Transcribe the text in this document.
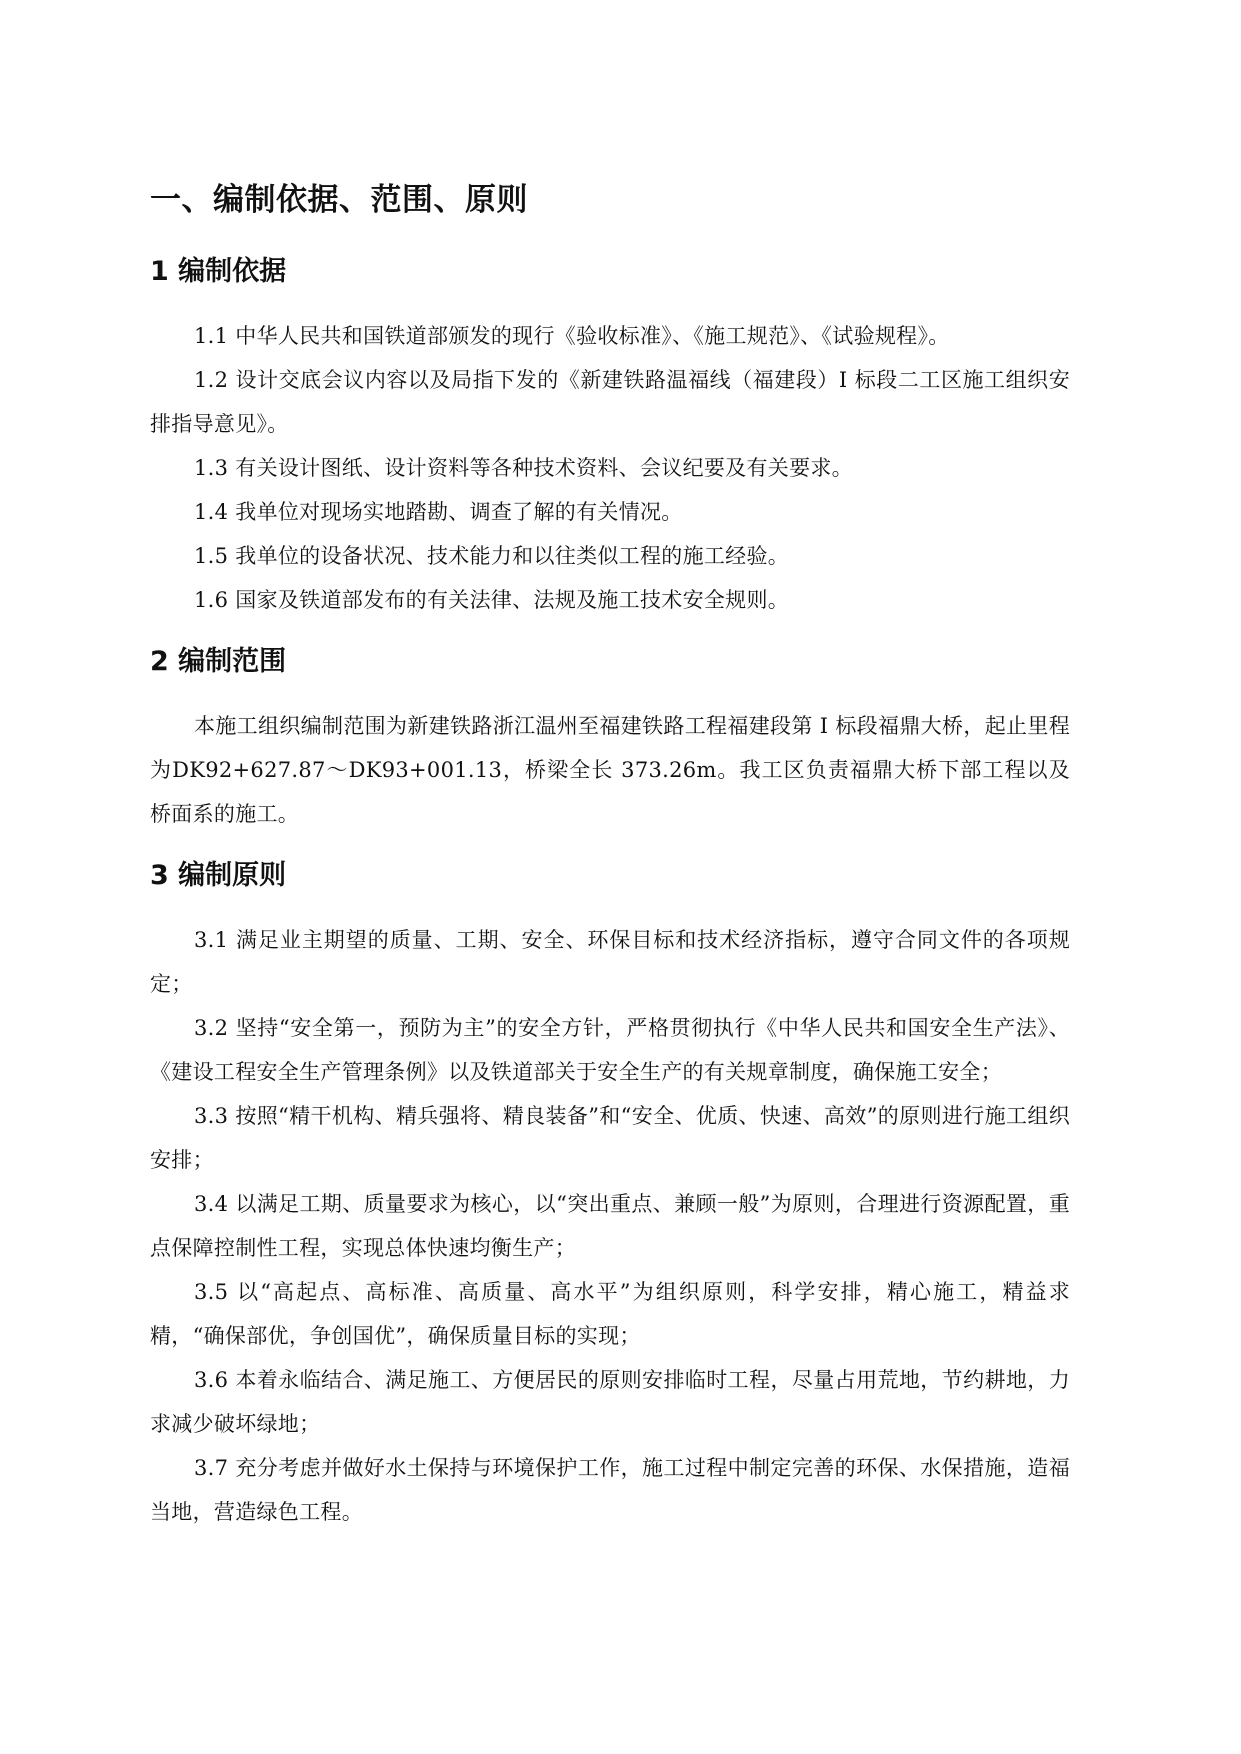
一、编制依据、范围、原则
1 编制依据

1.1 中华人民共和国铁道部颁发的现行《验收标准》、《施工规范》、《试验规程》。

1.2 设计交底会议内容以及局指下发的《新建铁路温福线（福建段）I 标段二工区施工组织安排指导意见》。

1.3 有关设计图纸、设计资料等各种技术资料、会议纪要及有关要求。

1.4 我单位对现场实地踏勘、调查了解的有关情况。

1.5 我单位的设备状况、技术能力和以往类似工程的施工经验。

1.6 国家及铁道部发布的有关法律、法规及施工技术安全规则。

2 编制范围

本施工组织编制范围为新建铁路浙江温州至福建铁路工程福建段第 I 标段福鼎大桥，起止里程为DK92+627.87～DK93+001.13，桥梁全长 373.26m。我工区负责福鼎大桥下部工程以及桥面系的施工。

3 编制原则

3.1 满足业主期望的质量、工期、安全、环保目标和技术经济指标，遵守合同文件的各项规定；

3.2 坚持“安全第一，预防为主”的安全方针，严格贯彻执行《中华人民共和国安全生产法》、《建设工程安全生产管理条例》以及铁道部关于安全生产的有关规章制度，确保施工安全；

3.3 按照“精干机构、精兵强将、精良装备”和“安全、优质、快速、高效”的原则进行施工组织安排；

3.4 以满足工期、质量要求为核心，以“突出重点、兼顾一般”为原则，合理进行资源配置，重点保障控制性工程，实现总体快速均衡生产；

3.5 以“高起点、高标准、高质量、高水平”为组织原则，科学安排，精心施工，精益求精，“确保部优，争创国优”，确保质量目标的实现；

3.6 本着永临结合、满足施工、方便居民的原则安排临时工程，尽量占用荒地，节约耕地，力求减少破坏绿地；

3.7 充分考虑并做好水土保持与环境保护工作，施工过程中制定完善的环保、水保措施，造福当地，营造绿色工程。
